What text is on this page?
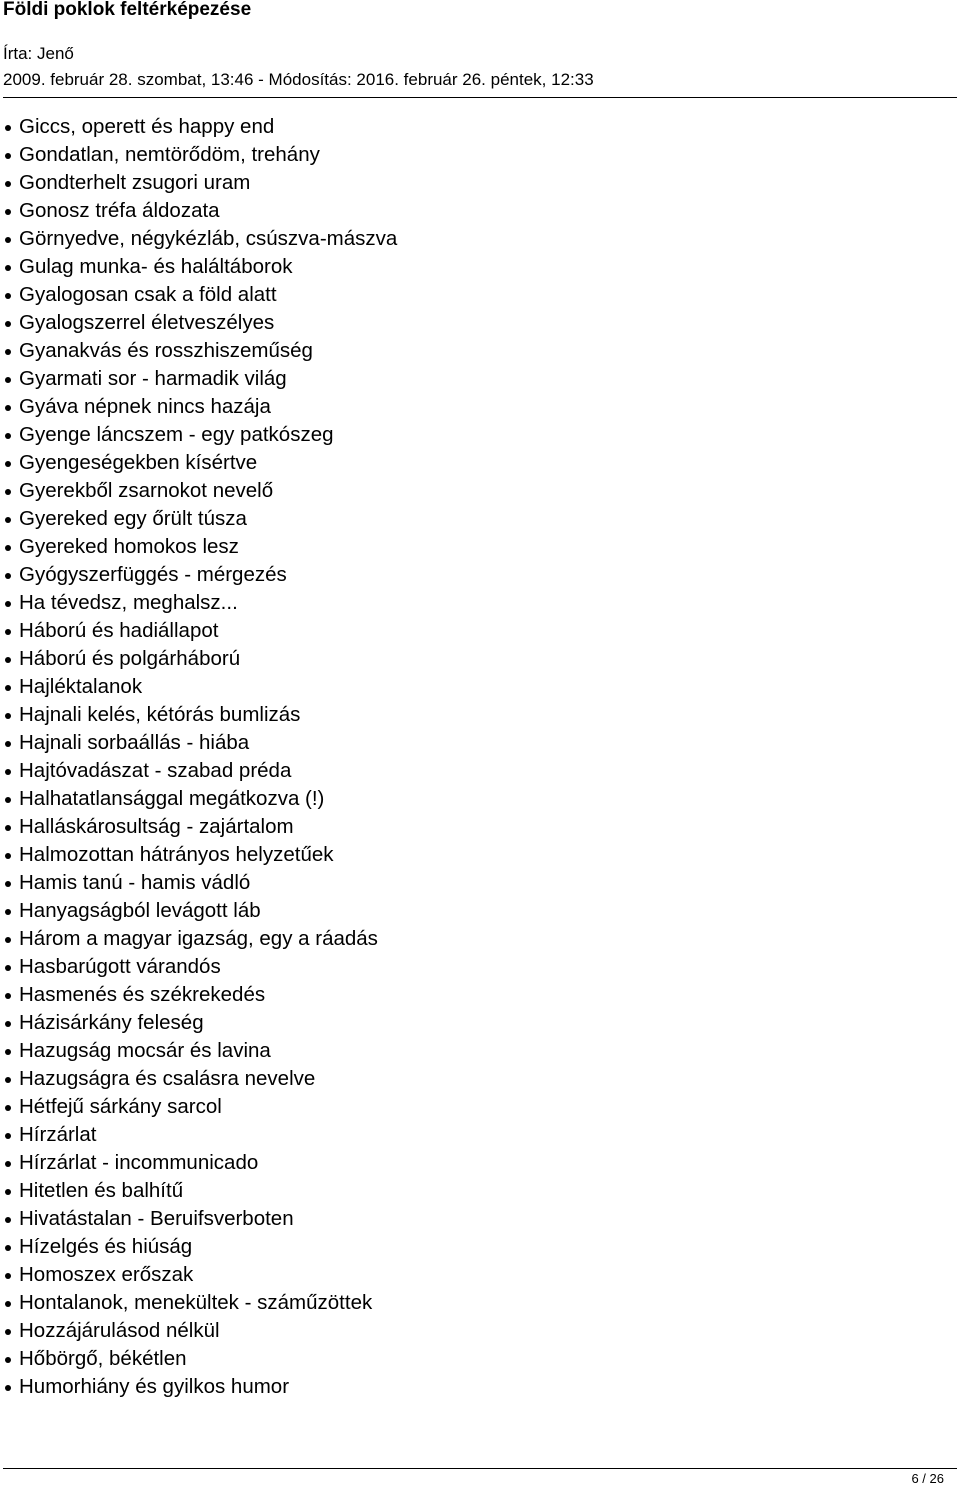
Földi poklok feltérképezése
Írta: Jenő
2009. február 28. szombat, 13:46 - Módosítás: 2016. február 26. péntek, 12:33
Giccs, operett és happy end
Gondatlan, nemtörődöm, trehány
Gondterhelt zsugori uram
Gonosz tréfa áldozata
Görnyedve, négykézláb, csúszva-mászva
Gulag munka- és haláltáborok
Gyalogosan csak a föld alatt
Gyalogszerrel életveszélyes
Gyanakvás és rosszhiszeműség
Gyarmati sor - harmadik világ
Gyáva népnek nincs hazája
Gyenge láncszem - egy patkószeg
Gyengeségekben kísértve
Gyerekből zsarnokot nevelő
Gyereked egy őrült túsza
Gyereked homokos lesz
Gyógyszerfüggés - mérgezés
Ha tévedsz, meghalsz...
Háború és hadiállapot
Háború és polgárháború
Hajléktalanok
Hajnali kelés, kétórás bumlizás
Hajnali sorbaállás - hiába
Hajtóvadászat - szabad préda
Halhatatlansággal megátkozva (!)
Halláskárosultság - zajártalom
Halmozottan hátrányos helyzetűek
Hamis tanú - hamis vádló
Hanyagságból levágott láb
Három a magyar igazság, egy a ráadás
Hasbarúgott várandós
Hasmenés és székrekedés
Házisárkány feleség
Hazugság mocsár és lavina
Hazugságra és csalásra nevelve
Hétfejű sárkány sarcol
Hírzárlat
Hírzárlat - incommunicado
Hitetlen és balhítű
Hivatástalan - Beruifsverboten
Hízelgés és hiúság
Homoszex erőszak
Hontalanok, menekültek - száműzöttek
Hozzájárulásod nélkül
Hőbörgő, békétlen
Humorhiány és gyilkos humor
6 / 26
